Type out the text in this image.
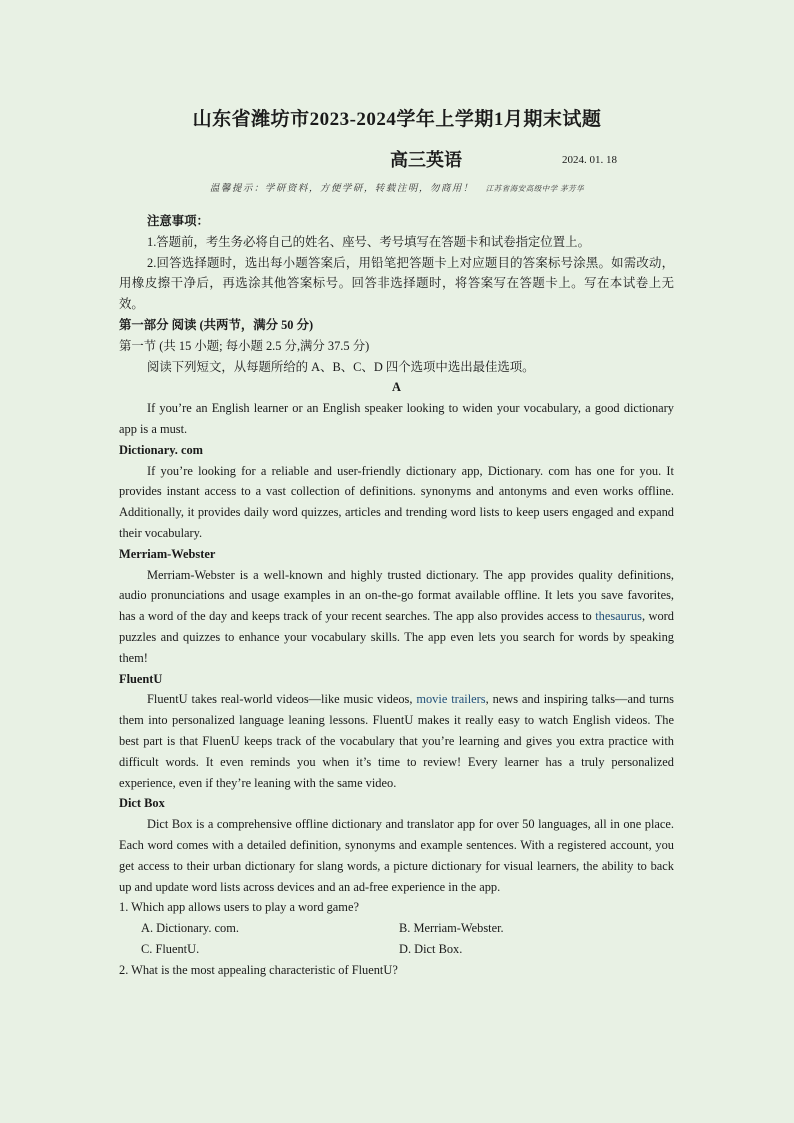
山东省潍坊市2023-2024学年上学期1月期末试题
高三英语	2024. 01. 18
温馨提示：学研资料，方便学研，转载注明，勿商用！ 江苏省海安高级中学 茅芳华

注意事项：

1.答题前，考生务必将自己的姓名、座号、考号填写在答题卡和试卷指定位置上。

2.回答选择题时，选出每小题答案后，用铅笔把答题卡上对应题目的答案标号涂黑。如需改动，用橡皮擦干净后，再选涂其他答案标号。回答非选择题时，将答案写在答题卡上。写在本试卷上无效。

第一部分 阅读 (共两节，满分 50 分)

第一节 (共 15 小题; 每小题 2.5 分,满分 37.5 分)

阅读下列短文，从每题所给的 A、B、C、D 四个选项中选出最佳选项。

A

If you’re an English learner or an English speaker looking to widen your vocabulary, a good dictionary app is a must.

Dictionary. com

If you’re looking for a reliable and user-friendly dictionary app, Dictionary. com has one for you. It provides instant access to a vast collection of definitions. synonyms and antonyms and even works offline. Additionally, it provides daily word quizzes, articles and trending word lists to keep users engaged and expand their vocabulary.

Merriam-Webster

Merriam-Webster is a well-known and highly trusted dictionary. The app provides quality definitions, audio pronunciations and usage examples in an on-the-go format available offline. It lets you save favorites, has a word of the day and keeps track of your recent searches. The app also provides access to thesaurus, word puzzles and quizzes to enhance your vocabulary skills. The app even lets you search for words by speaking them!

FluentU

FluentU takes real-world videos—like music videos, movie trailers, news and inspiring talks—and turns them into personalized language leaning lessons. FluentU makes it really easy to watch English videos. The best part is that FluenU keeps track of the vocabulary that you’re learning and gives you extra practice with difficult words. It even reminds you when it’s time to review! Every learner has a truly personalized experience, even if they’re leaning with the same video.

Dict Box

Dict Box is a comprehensive offline dictionary and translator app for over 50 languages, all in one place. Each word comes with a detailed definition, synonyms and example sentences. With a registered account, you get access to their urban dictionary for slang words, a picture dictionary for visual learners, the ability to back up and update word lists across devices and an ad-free experience in the app.

1. Which app allows users to play a word game?

A. Dictionary. com.	B. Merriam-Webster.
C. FluentU.	D. Dict Box.

2. What is the most appealing characteristic of FluentU?
